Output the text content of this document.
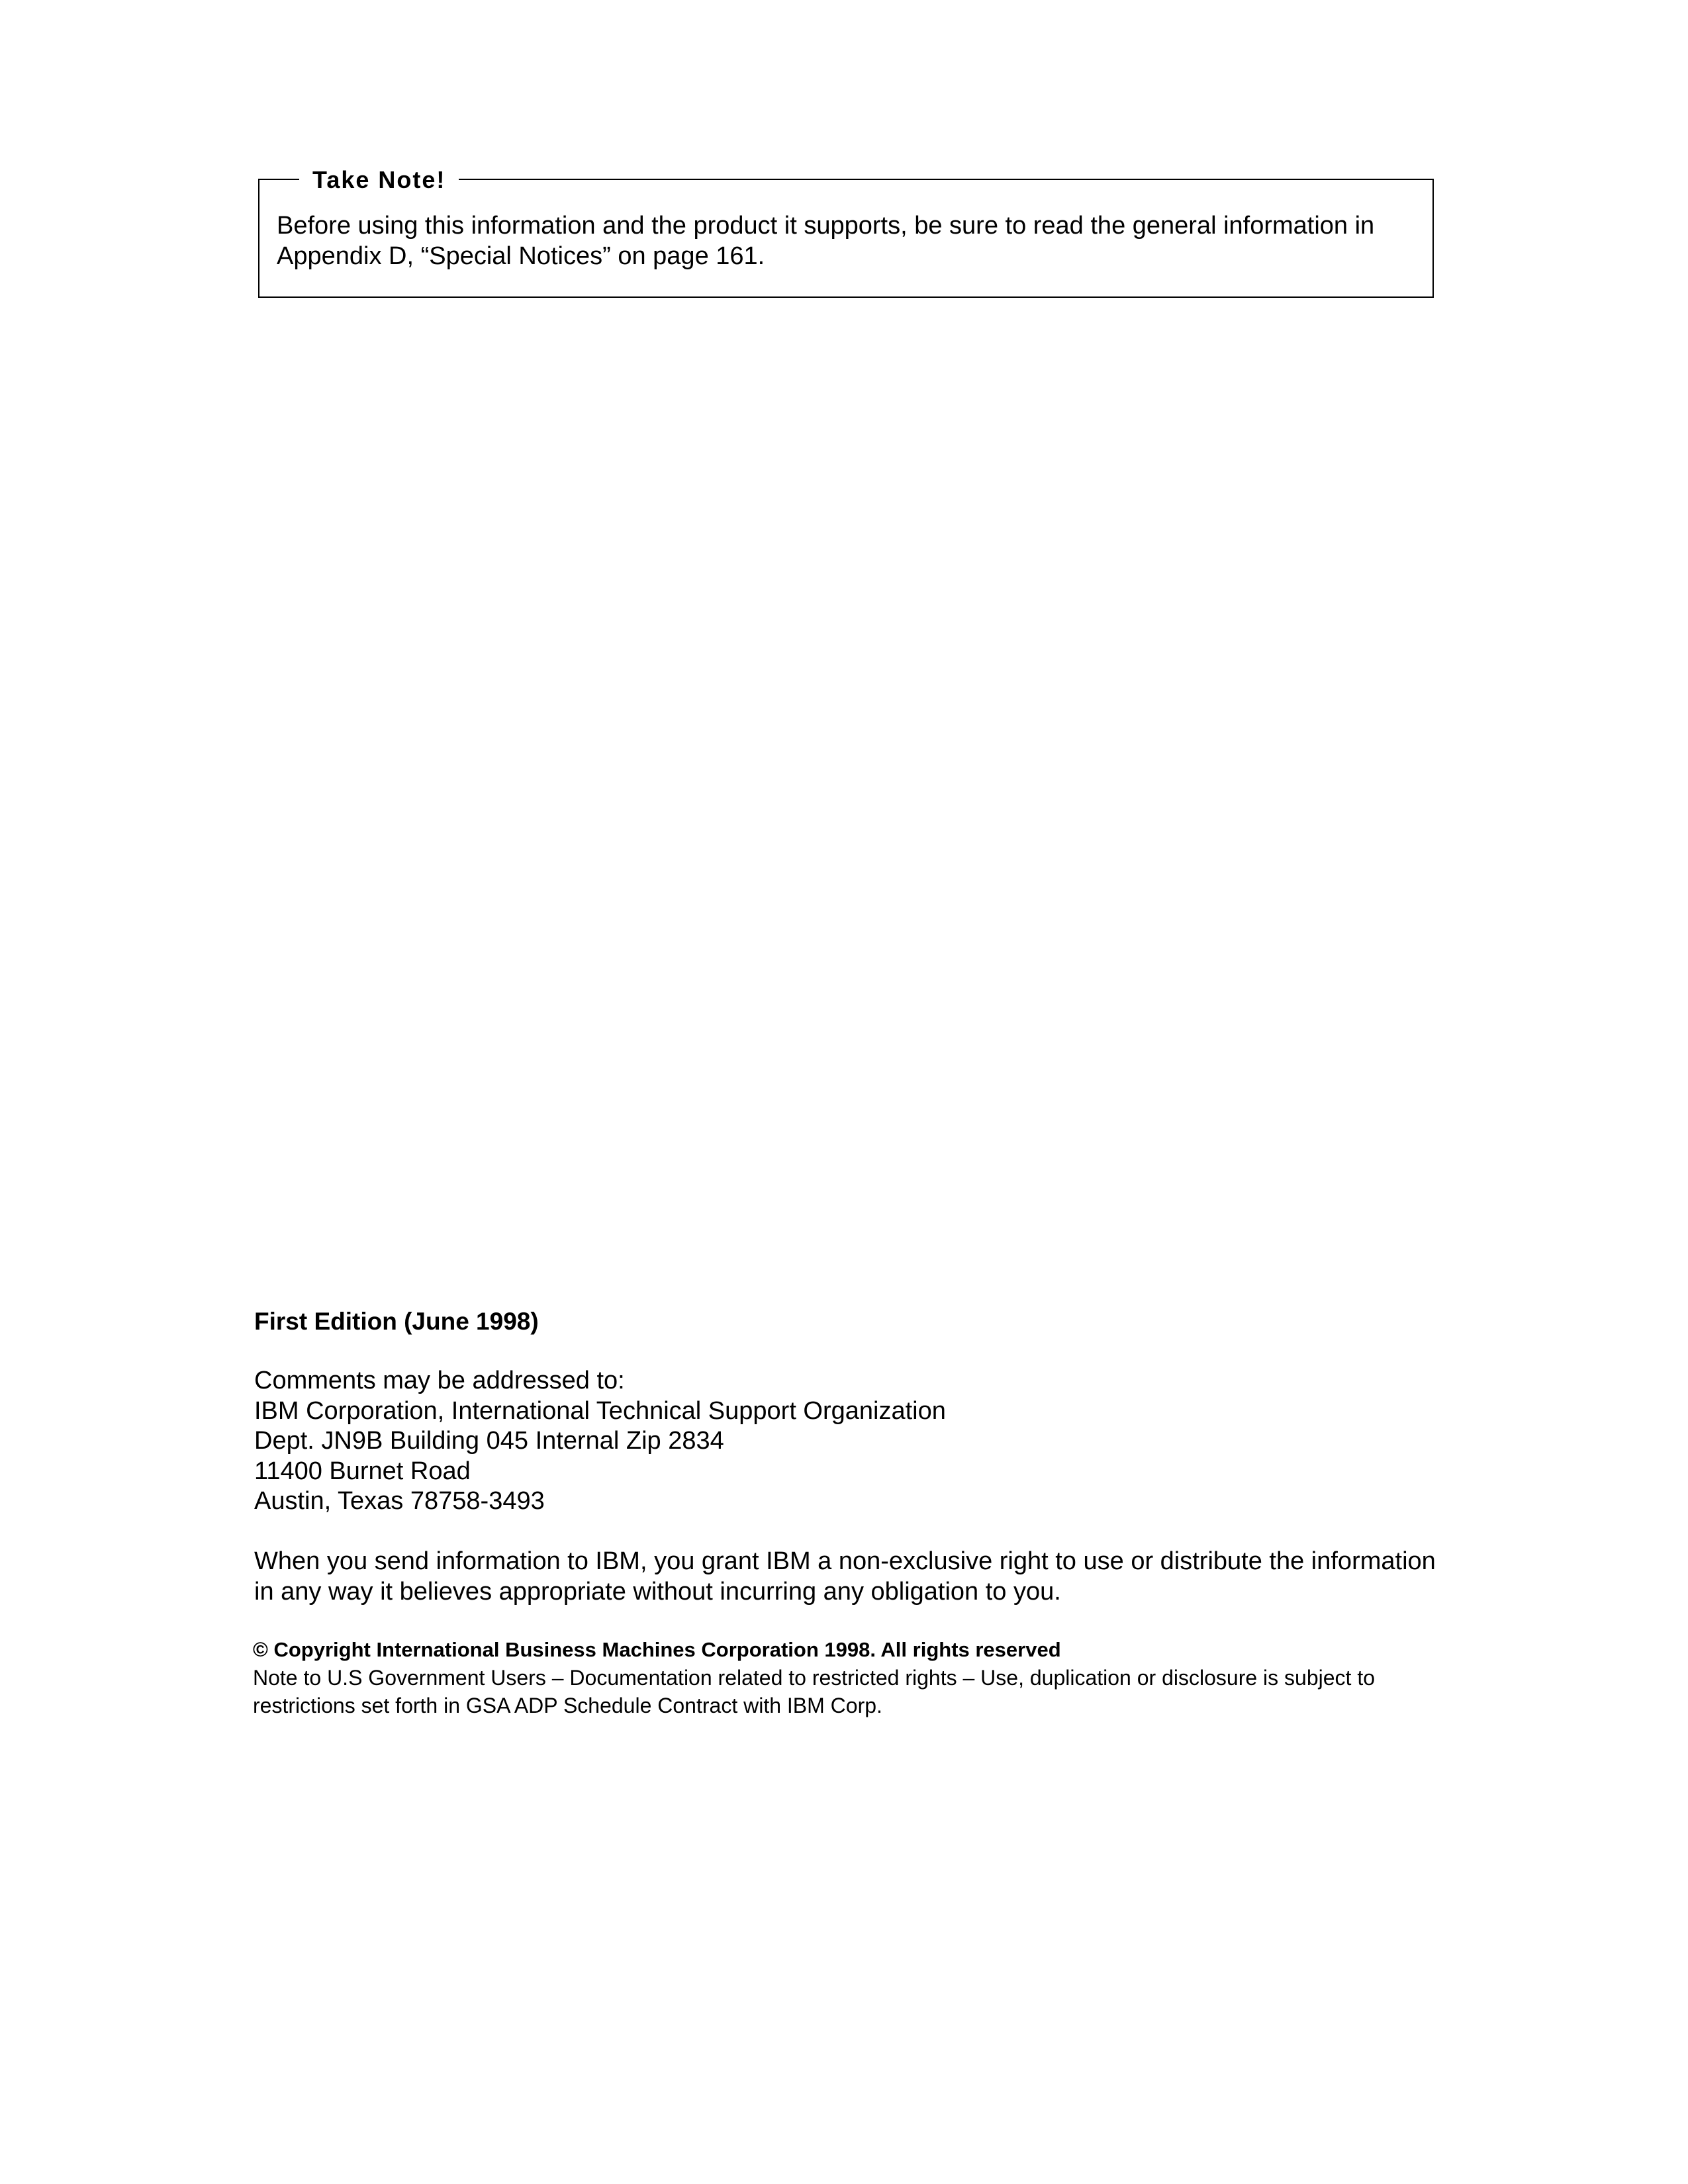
Take Note!
Before using this information and the product it supports, be sure to read the general information in Appendix D, “Special Notices” on page 161.
First Edition (June 1998)
Comments may be addressed to:
IBM Corporation, International Technical Support Organization
Dept. JN9B Building 045 Internal Zip 2834
11400 Burnet Road
Austin, Texas 78758-3493
When you send information to IBM, you grant IBM a non-exclusive right to use or distribute the information in any way it believes appropriate without incurring any obligation to you.
© Copyright International Business Machines Corporation 1998. All rights reserved
Note to U.S Government Users – Documentation related to restricted rights – Use, duplication or disclosure is subject to restrictions set forth in GSA ADP Schedule Contract with IBM Corp.
